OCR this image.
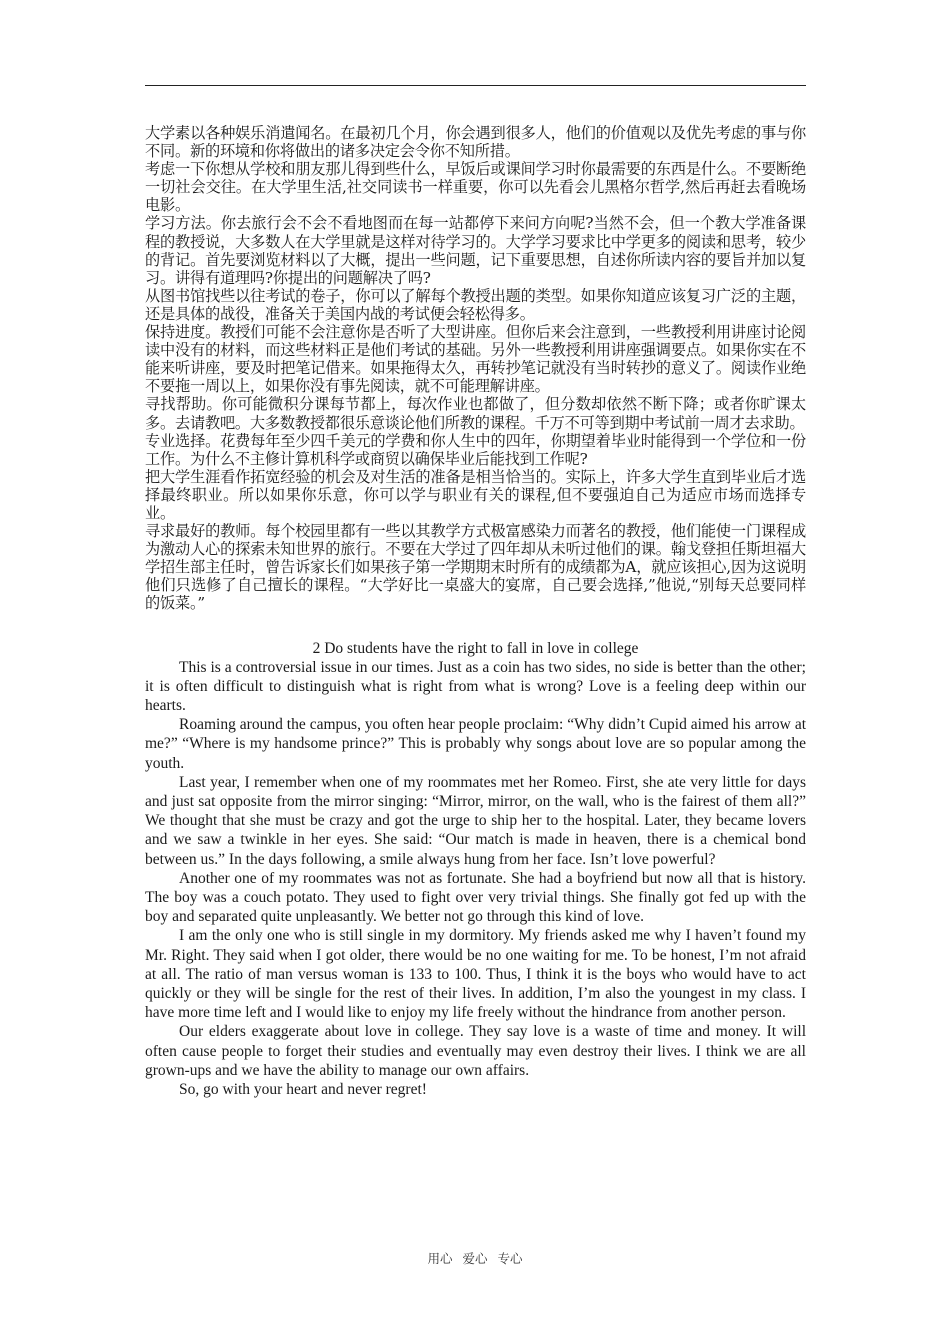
大学素以各种娱乐消遣闻名。在最初几个月，你会遇到很多人，他们的价值观以及优先考虑的事与你不同。新的环境和你将做出的诸多决定会令你不知所措。

考虑一下你想从学校和朋友那儿得到些什么，早饭后或课间学习时你最需要的东西是什么。不要断绝一切社会交往。在大学里生活,社交同读书一样重要，你可以先看会儿黑格尔哲学,然后再赶去看晚场电影。

学习方法。你去旅行会不会不看地图而在每一站都停下来问方向呢?当然不会，但一个教大学准备课程的教授说，大多数人在大学里就是这样对待学习的。大学学习要求比中学更多的阅读和思考，较少的背记。首先要浏览材料以了大概，提出一些问题，记下重要思想，自述你所读内容的要旨并加以复习。讲得有道理吗?你提出的问题解决了吗?

从图书馆找些以往考试的卷子，你可以了解每个教授出题的类型。如果你知道应该复习广泛的主题，还是具体的战役，准备关于美国内战的考试便会轻松得多。

保持进度。教授们可能不会注意你是否听了大型讲座。但你后来会注意到，一些教授利用讲座讨论阅读中没有的材料，而这些材料正是他们考试的基础。另外一些教授利用讲座强调要点。如果你实在不能来听讲座，要及时把笔记借来。如果拖得太久，再转抄笔记就没有当时转抄的意义了。阅读作业绝不要拖一周以上，如果你没有事先阅读，就不可能理解讲座。

寻找帮助。你可能微积分课每节都上，每次作业也都做了，但分数却依然不断下降；或者你旷课太多。去请教吧。大多数教授都很乐意谈论他们所教的课程。千万不可等到期中考试前一周才去求助。

专业选择。花费每年至少四千美元的学费和你人生中的四年，你期望着毕业时能得到一个学位和一份工作。为什么不主修计算机科学或商贸以确保毕业后能找到工作呢?

把大学生涯看作拓宽经验的机会及对生活的准备是相当恰当的。实际上，许多大学生直到毕业后才选择最终职业。所以如果你乐意，你可以学与职业有关的课程,但不要强迫自己为适应市场而选择专业。

寻求最好的教师。每个校园里都有一些以其教学方式极富感染力而著名的教授，他们能使一门课程成为激动人心的探索未知世界的旅行。不要在大学过了四年却从未听过他们的课。翰戈登担任斯坦福大学招生部主任时，曾告诉家长们如果孩子第一学期期末时所有的成绩都为A，就应该担心,因为这说明他们只选修了自己擅长的课程。“大学好比一桌盛大的宴席，自己要会选择,”他说,“别每天总要同样的饭菜。”

2 Do students have the right to fall in love in college

This is a controversial issue in our times. Just as a coin has two sides, no side is better than the other; it is often difficult to distinguish what is right from what is wrong? Love is a feeling deep within our hearts.

Roaming around the campus, you often hear people proclaim: “Why didn’t Cupid aimed his arrow at me?” “Where is my handsome prince?” This is probably why songs about love are so popular among the youth.

Last year, I remember when one of my roommates met her Romeo. First, she ate very little for days and just sat opposite from the mirror singing: “Mirror, mirror, on the wall, who is the fairest of them all?” We thought that she must be crazy and got the urge to ship her to the hospital. Later, they became lovers and we saw a twinkle in her eyes. She said: “Our match is made in heaven, there is a chemical bond between us.” In the days following, a smile always hung from her face. Isn’t love powerful?

Another one of my roommates was not as fortunate. She had a boyfriend but now all that is history. The boy was a couch potato. They used to fight over very trivial things. She finally got fed up with the boy and separated quite unpleasantly. We better not go through this kind of love.

I am the only one who is still single in my dormitory. My friends asked me why I haven’t found my Mr. Right. They said when I got older, there would be no one waiting for me. To be honest, I’m not afraid at all. The ratio of man versus woman is 133 to 100. Thus, I think it is the boys who would have to act quickly or they will be single for the rest of their lives. In addition, I’m also the youngest in my class. I have more time left and I would like to enjoy my life freely without the hindrance from another person.

Our elders exaggerate about love in college. They say love is a waste of time and money. It will often cause people to forget their studies and eventually may even destroy their lives. I think we are all grown-ups and we have the ability to manage our own affairs.

So, go with your heart and never regret!

用心 爱心 专心
